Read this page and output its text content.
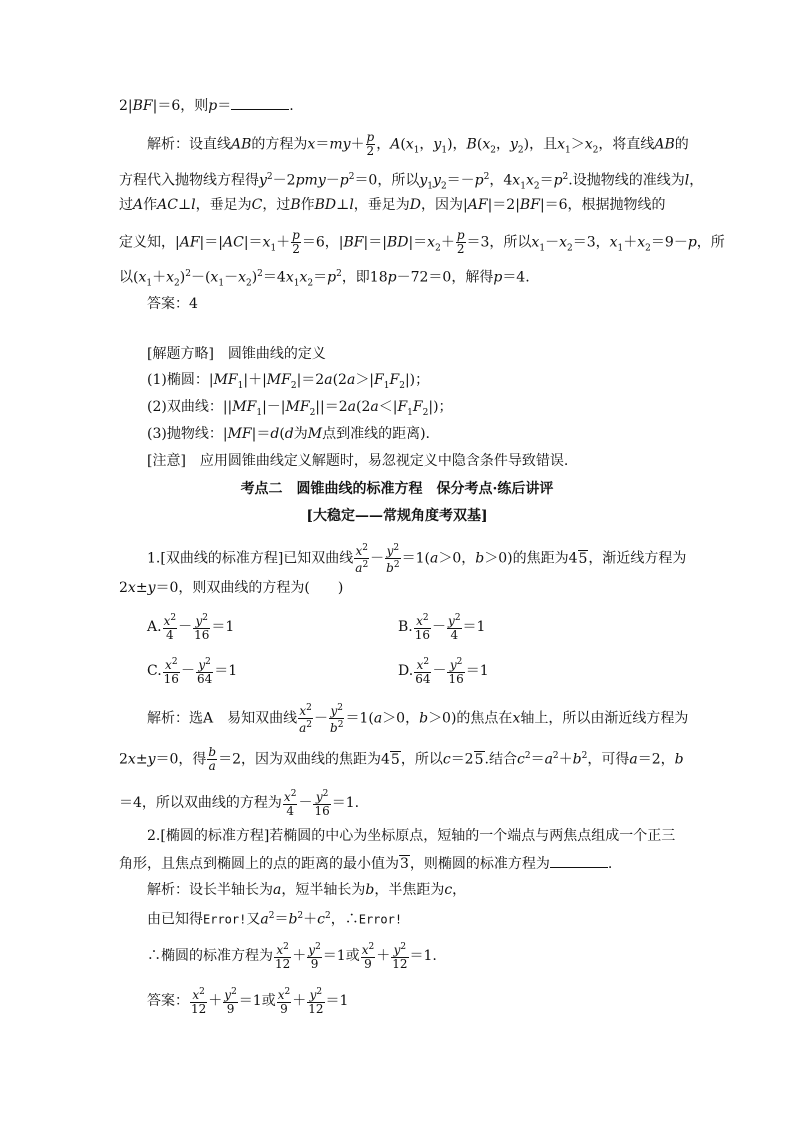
2|BF|＝6，则p＝	.
解析：设直线AB的方程为$x=my+ \frac{p}{2}$ ，$A(x_1$，$y_1$)，$B(x_2$，$y_2$)，且$x_1>x_2$，将直线AB的
方程代入抛物线方程得$y^2-2pmy-p^2=0$，所以$y_1y_2=-p^2$，$4x_1x_2=p^2$.设抛物线的准线为l，
过A作AC⊥l，垂足为C，过B作BD⊥l，垂足为D，因为|AF|＝2|BF|＝6，根据抛物线的
定义知，$|AF|=|AC|=x_1+ \frac{p}{2} =6$，$|BF|=|BD|=x_2+ \frac{p}{2} =3$，所以$x_1-x_2=3$，$x_1+x_2=9-p$，所
以$(x_1+x_2)^2-(x_1-x_2)^2=4x_1x_2=p^2$，即18p－72＝0，解得p＝4.
答案：4
[解题方略]　圆锥曲线的定义
(1)椭圆：$|MF_1|+|MF_2|=2a(2a>|F_1F_2|)$；
(2)双曲线：$||MF_1|-|MF_2||=2a(2a<|F_1F_2|)$；
(3)抛物线：|MF|＝d(d为M点到准线的距离).
[注意]　应用圆锥曲线定义解题时，易忽视定义中隐含条件导致错误.
考点二　圆锥曲线的标准方程　保分考点·练后讲评
[大稳定——常规角度考双基]
1.[双曲线的标准方程]已知双曲线 $\frac{x^2}{a^2} - \frac{y^2}{b^2} =1(a>0$，b＞0)的焦距为45，渐近线方程为
2x±y＝0，则双曲线的方程为(　　)
A. $\frac{x^2}{4} - \frac{y^2}{16} =1$	B. $\frac{x^2}{16} - \frac{y^2}{4} =1$
C. $\frac{x^2}{16} - \frac{y^2}{64} =1$	D. $\frac{x^2}{64} - \frac{y^2}{16} =1$
解析：选A　易知双曲线 $\frac{x^2}{a^2} - \frac{y^2}{b^2} =1(a>0$，b＞0)的焦点在x轴上，所以由渐近线方程为
2x±y＝0，得 $\frac{b}{a} =2$，因为双曲线的焦距为45，所以c＝25.结合$c^2=a^2+b^2$，可得a＝2，b
＝4，所以双曲线的方程为 $\frac{x^2}{4} - \frac{y^2}{16} =1$.
2.[椭圆的标准方程]若椭圆的中心为坐标原点，短轴的一个端点与两焦点组成一个正三
角形，且焦点到椭圆上的点的距离的最小值为3，则椭圆的标准方程为	.
解析：设长半轴长为a，短半轴长为b，半焦距为c，
由已知得Error!又$a^2=b^2+c^2$，∴Error!
∴椭圆的标准方程为 $\frac{x^2}{12} + \frac{y^2}{9} =1$或 $\frac{x^2}{9} + \frac{y^2}{12} =1$.
答案： $\frac{x^2}{12} + \frac{y^2}{9} =1$或 $\frac{x^2}{9} + \frac{y^2}{12} =1$
